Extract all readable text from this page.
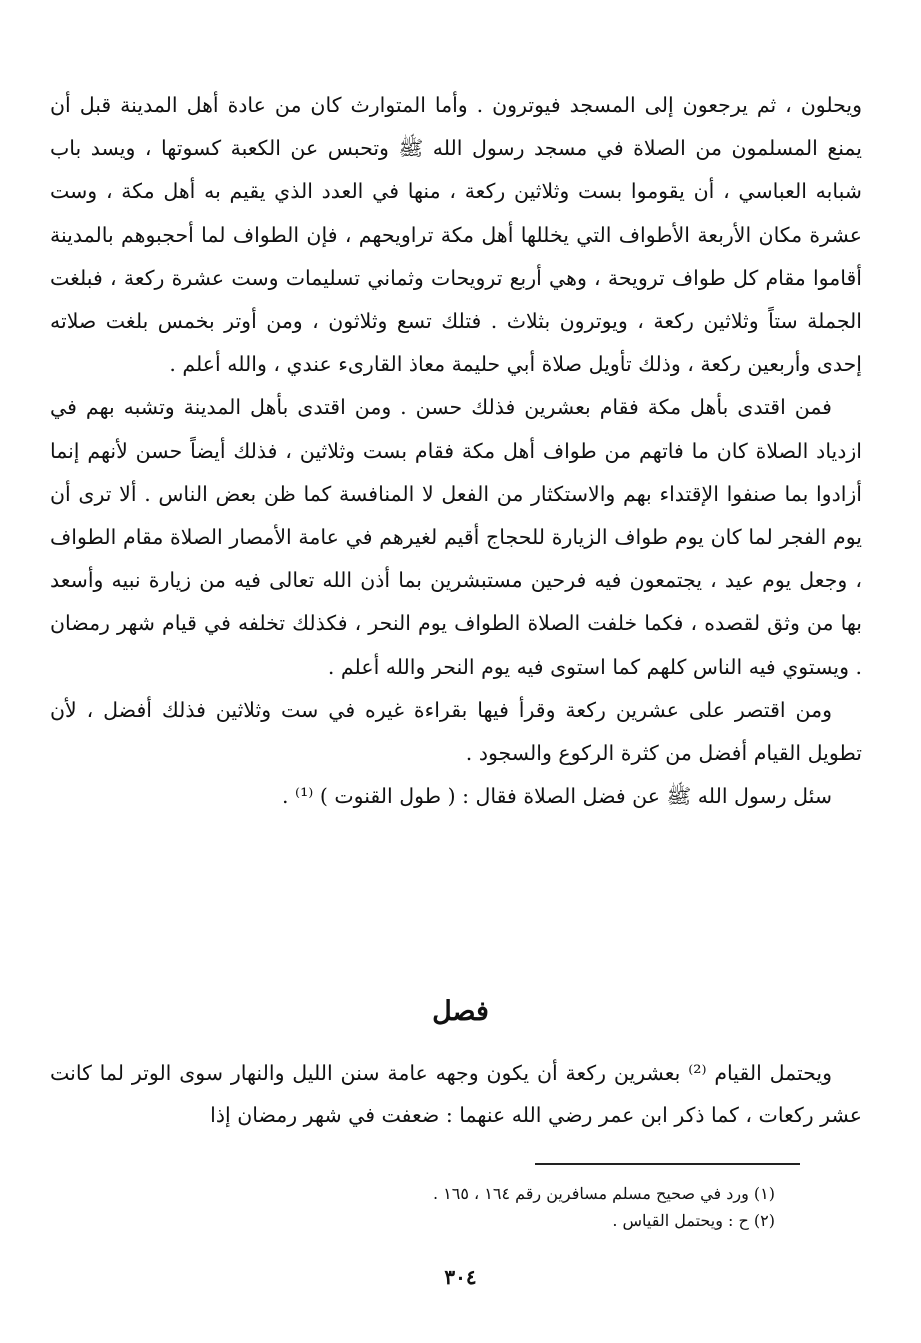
ويحلون ، ثم يرجعون إلى المسجد فيوترون . وأما المتوارث كان من عادة أهل المدينة قبل أن يمنع المسلمون من الصلاة في مسجد رسول الله ﷺ وتحبس عن الكعبة كسوتها ، ويسد باب شبابه العباسي ، أن يقوموا بست وثلاثين ركعة ، منها في العدد الذي يقيم به أهل مكة ، وست عشرة مكان الأربعة الأطواف التي يخللها أهل مكة تراويحهم ، فإن الطواف لما أحجبوهم بالمدينة أقاموا مقام كل طواف ترويحة ، وهي أربع ترويحات وثماني تسليمات وست عشرة ركعة ، فبلغت الجملة ستاً وثلاثين ركعة ، ويوترون بثلاث . فتلك تسع وثلاثون ، ومن أوتر بخمس بلغت صلاته إحدى وأربعين ركعة ، وذلك تأويل صلاة أبي حليمة معاذ القارىء عندي ، والله أعلم .

فمن اقتدى بأهل مكة فقام بعشرين فذلك حسن . ومن اقتدى بأهل المدينة وتشبه بهم في ازدياد الصلاة كان ما فاتهم من طواف أهل مكة فقام بست وثلاثين ، فذلك أيضاً حسن لأنهم إنما أزادوا بما صنفوا الإقتداء بهم والاستكثار من الفعل لا المنافسة كما ظن بعض الناس . ألا ترى أن يوم الفجر لما كان يوم طواف الزيارة للحجاج أقيم لغيرهم في عامة الأمصار الصلاة مقام الطواف ، وجعل يوم عيد ، يجتمعون فيه فرحين مستبشرين بما أذن الله تعالى فيه من زيارة نبيه وأسعد بها من وثق لقصده ، فكما خلفت الصلاة الطواف يوم النحر ، فكذلك تخلفه في قيام شهر رمضان . ويستوي فيه الناس كلهم كما استوى فيه يوم النحر والله أعلم .

ومن اقتصر على عشرين ركعة وقرأ فيها بقراءة غيره في ست وثلاثين فذلك أفضل ، لأن تطويل القيام أفضل من كثرة الركوع والسجود .

سئل رسول الله ﷺ عن فضل الصلاة فقال : ( طول القنوت ) ⁽¹⁾ .

فصل

ويحتمل القيام ⁽²⁾ بعشرين ركعة أن يكون وجهه عامة سنن الليل والنهار سوى الوتر لما كانت عشر ركعات ، كما ذكر ابن عمر رضي الله عنهما : ضعفت في شهر رمضان إذا

(١) ورد في صحيح مسلم مسافرين رقم ١٦٤ ، ١٦٥ .

(٢) ح : ويحتمل القياس .

٣٠٤
